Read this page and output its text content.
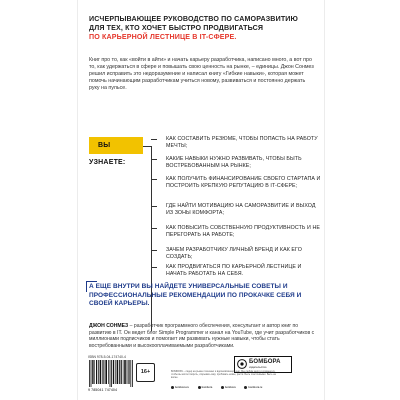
ИСЧЕРПЫВАЮЩЕЕ РУКОВОДСТВО ПО САМОРАЗВИТИЮ ДЛЯ ТЕХ, КТО ХОЧЕТ БЫСТРО ПРОДВИГАТЬСЯ
ПО КАРЬЕРНОЙ ЛЕСТНИЦЕ В IT-СФЕРЕ.
Книг про то, как «войти в айти» и начать карьеру разработчика, написано много, а вот про то, как удержаться в сфере и повышать свою ценность на рынке, – единицы. Джон Сонмез решил исправить это недоразумение и написал книгу «Гибкие навыки», которая может помочь начинающим разработчикам учиться новому, развиваться и постоянно держать руку на пульсе.
ВЫ УЗНАЕТЕ:
КАК СОСТАВИТЬ РЕЗЮМЕ, ЧТОБЫ ПОПАСТЬ НА РАБОТУ МЕЧТЫ;
КАКИЕ НАВЫКИ НУЖНО РАЗВИВАТЬ, ЧТОБЫ БЫТЬ ВОСТРЕБОВАННЫМ НА РЫНКЕ;
КАК ПОЛУЧИТЬ ФИНАНСИРОВАНИЕ СВОЕГО СТАРТАПА И ПОСТРОИТЬ КРЕПКУЮ РЕПУТАЦИЮ В IT-СФЕРЕ;
ГДЕ НАЙТИ МОТИВАЦИЮ НА САМОРАЗВИТИЕ И ВЫХОД ИЗ ЗОНЫ КОМФОРТА;
КАК ПОВЫСИТЬ СОБСТВЕННУЮ ПРОДУКТИВНОСТЬ И НЕ ПЕРЕГОРАТЬ НА РАБОТЕ;
ЗАЧЕМ РАЗРАБОТЧИКУ ЛИЧНЫЙ БРЕНД И КАК ЕГО СОЗДАТЬ;
КАК ПРОДВИГАТЬСЯ ПО КАРЬЕРНОЙ ЛЕСТНИЦЕ И НАЧАТЬ РАБОТАТЬ НА СЕБЯ.
А ЕЩЕ ВНУТРИ ВЫ НАЙДЕТЕ УНИВЕРСАЛЬНЫЕ СОВЕТЫ И ПРОФЕССИОНАЛЬНЫЕ РЕКОМЕНДАЦИИ ПО ПРОКАЧКЕ СЕБЯ И СВОЕЙ КАРЬЕРЫ.
ДЖОН СОНМЕЗ – разработчик программного обеспечения, консультант и автор книг по развитию в IT. Он ведет блог Simple Programmer и канал на YouTube, где учит разработчиков с миллионами подписчиков и помогает им развивать нужные навыки, чтобы стать востребованными и высокооплачиваемыми разработчиками.
ISBN 978-5-04-174740-4
9 785041 747404
16+
БОМБОРА
издательство
БОМБОРА – лидер на рынке полезных и вдохновляющих книг. Мы любим книги и создаем их, чтобы вы могли творить, открывать мир, пробовать новое, расти. Быть счастливыми. Быть на волне.
bombora.ru	bombora	bombora	bombora.ru
